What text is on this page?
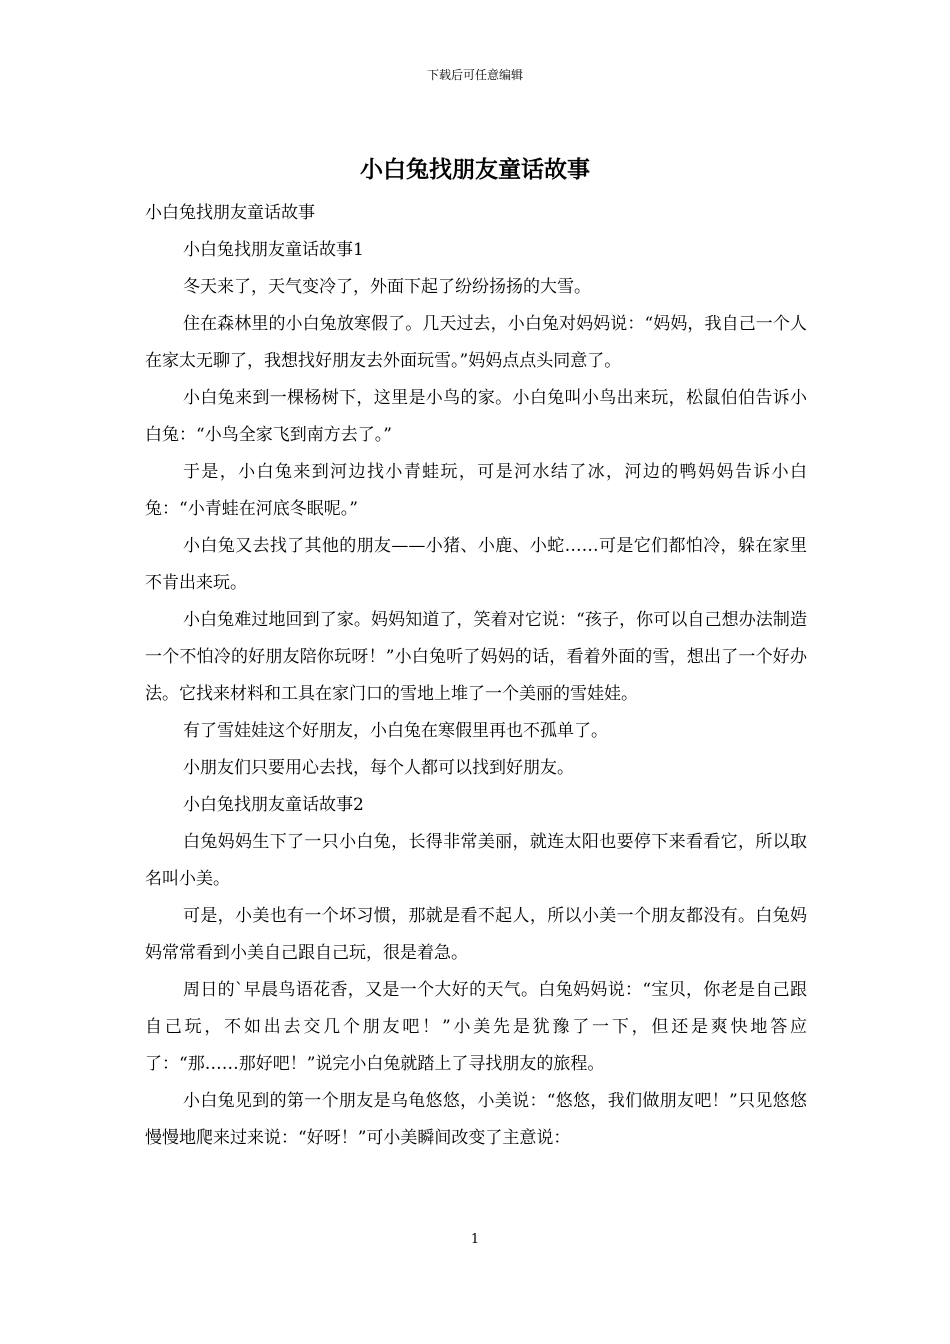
下载后可任意编辑
小白兔找朋友童话故事

小白兔找朋友童话故事

小白兔找朋友童话故事1

冬天来了，天气变冷了，外面下起了纷纷扬扬的大雪。

住在森林里的小白兔放寒假了。几天过去，小白兔对妈妈说：“妈妈，我自己一个人在家太无聊了，我想找好朋友去外面玩雪。”妈妈点点头同意了。

小白兔来到一棵杨树下，这里是小鸟的家。小白兔叫小鸟出来玩，松鼠伯伯告诉小白兔：“小鸟全家飞到南方去了。”

于是，小白兔来到河边找小青蛙玩，可是河水结了冰，河边的鸭妈妈告诉小白兔：“小青蛙在河底冬眠呢。”

小白兔又去找了其他的朋友——小猪、小鹿、小蛇……可是它们都怕冷，躲在家里不肯出来玩。

小白兔难过地回到了家。妈妈知道了，笑着对它说：“孩子，你可以自己想办法制造一个不怕冷的好朋友陪你玩呀！”小白兔听了妈妈的话，看着外面的雪，想出了一个好办法。它找来材料和工具在家门口的雪地上堆了一个美丽的雪娃娃。

有了雪娃娃这个好朋友，小白兔在寒假里再也不孤单了。

小朋友们只要用心去找，每个人都可以找到好朋友。

小白兔找朋友童话故事2

白兔妈妈生下了一只小白兔，长得非常美丽，就连太阳也要停下来看看它，所以取名叫小美。

可是，小美也有一个坏习惯，那就是看不起人，所以小美一个朋友都没有。白兔妈妈常常看到小美自己跟自己玩，很是着急。

周日的`早晨鸟语花香，又是一个大好的天气。白兔妈妈说：“宝贝，你老是自己跟自己玩，不如出去交几个朋友吧！”小美先是犹豫了一下，但还是爽快地答应了：“那……那好吧！”说完小白兔就踏上了寻找朋友的旅程。

小白兔见到的第一个朋友是乌龟悠悠，小美说：“悠悠，我们做朋友吧！”只见悠悠慢慢地爬来过来说：“好呀！”可小美瞬间改变了主意说：

1
